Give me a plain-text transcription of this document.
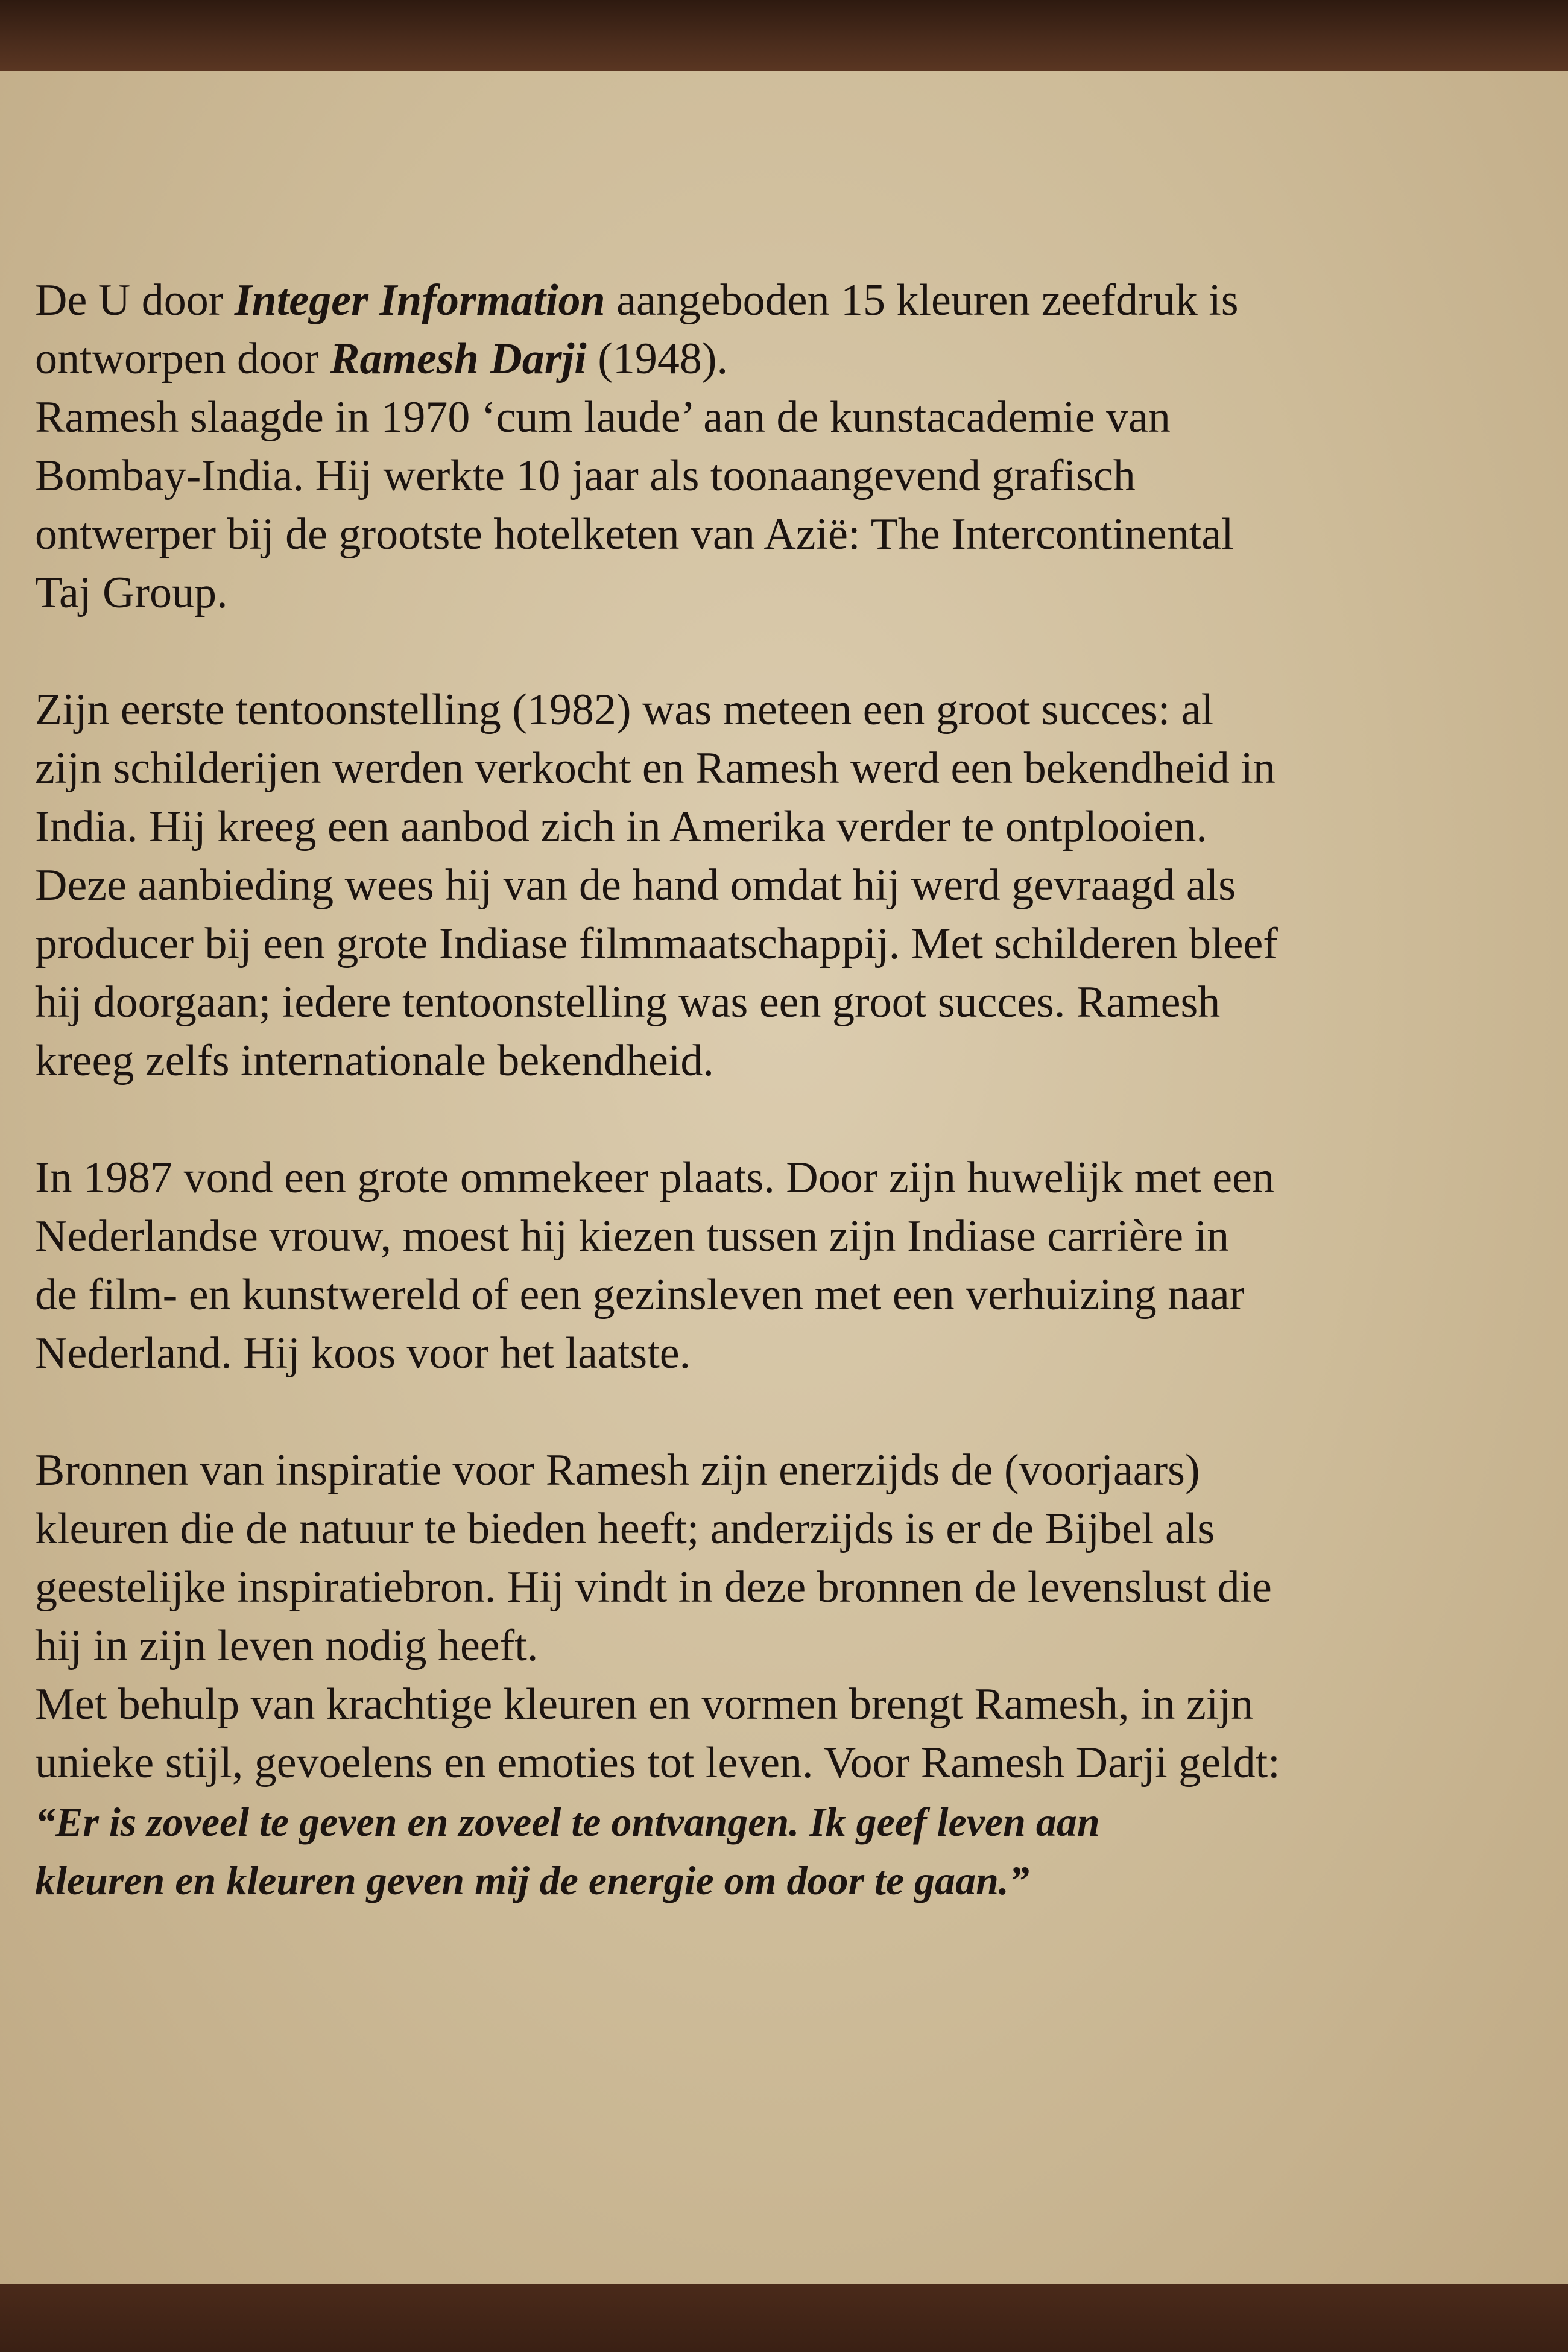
De U door Integer Information aangeboden 15 kleuren zeefdruk is
ontworpen door Ramesh Darji (1948).
Ramesh slaagde in 1970 ‘cum laude’ aan de kunstacademie van
Bombay-India. Hij werkte 10 jaar als toonaangevend grafisch
ontwerper bij de grootste hotelketen van Azië: The Intercontinental
Taj Group.
Zijn eerste tentoonstelling (1982) was meteen een groot succes: al
zijn schilderijen werden verkocht en Ramesh werd een bekendheid in
India. Hij kreeg een aanbod zich in Amerika verder te ontplooien.
Deze aanbieding wees hij van de hand omdat hij werd gevraagd als
producer bij een grote Indiase filmmaatschappij. Met schilderen bleef
hij doorgaan; iedere tentoonstelling was een groot succes. Ramesh
kreeg zelfs internationale bekendheid.
In 1987 vond een grote ommekeer plaats. Door zijn huwelijk met een
Nederlandse vrouw, moest hij kiezen tussen zijn Indiase carrière in
de film- en kunstwereld of een gezinsleven met een verhuizing naar
Nederland. Hij koos voor het laatste.
Bronnen van inspiratie voor Ramesh zijn enerzijds de (voorjaars)
kleuren die de natuur te bieden heeft; anderzijds is er de Bijbel als
geestelijke inspiratiebron. Hij vindt in deze bronnen de levenslust die
hij in zijn leven nodig heeft.
Met behulp van krachtige kleuren en vormen brengt Ramesh, in zijn
unieke stijl, gevoelens en emoties tot leven. Voor Ramesh Darji geldt:
“Er is zoveel te geven en zoveel te ontvangen. Ik geef leven aan
kleuren en kleuren geven mij de energie om door te gaan.”
